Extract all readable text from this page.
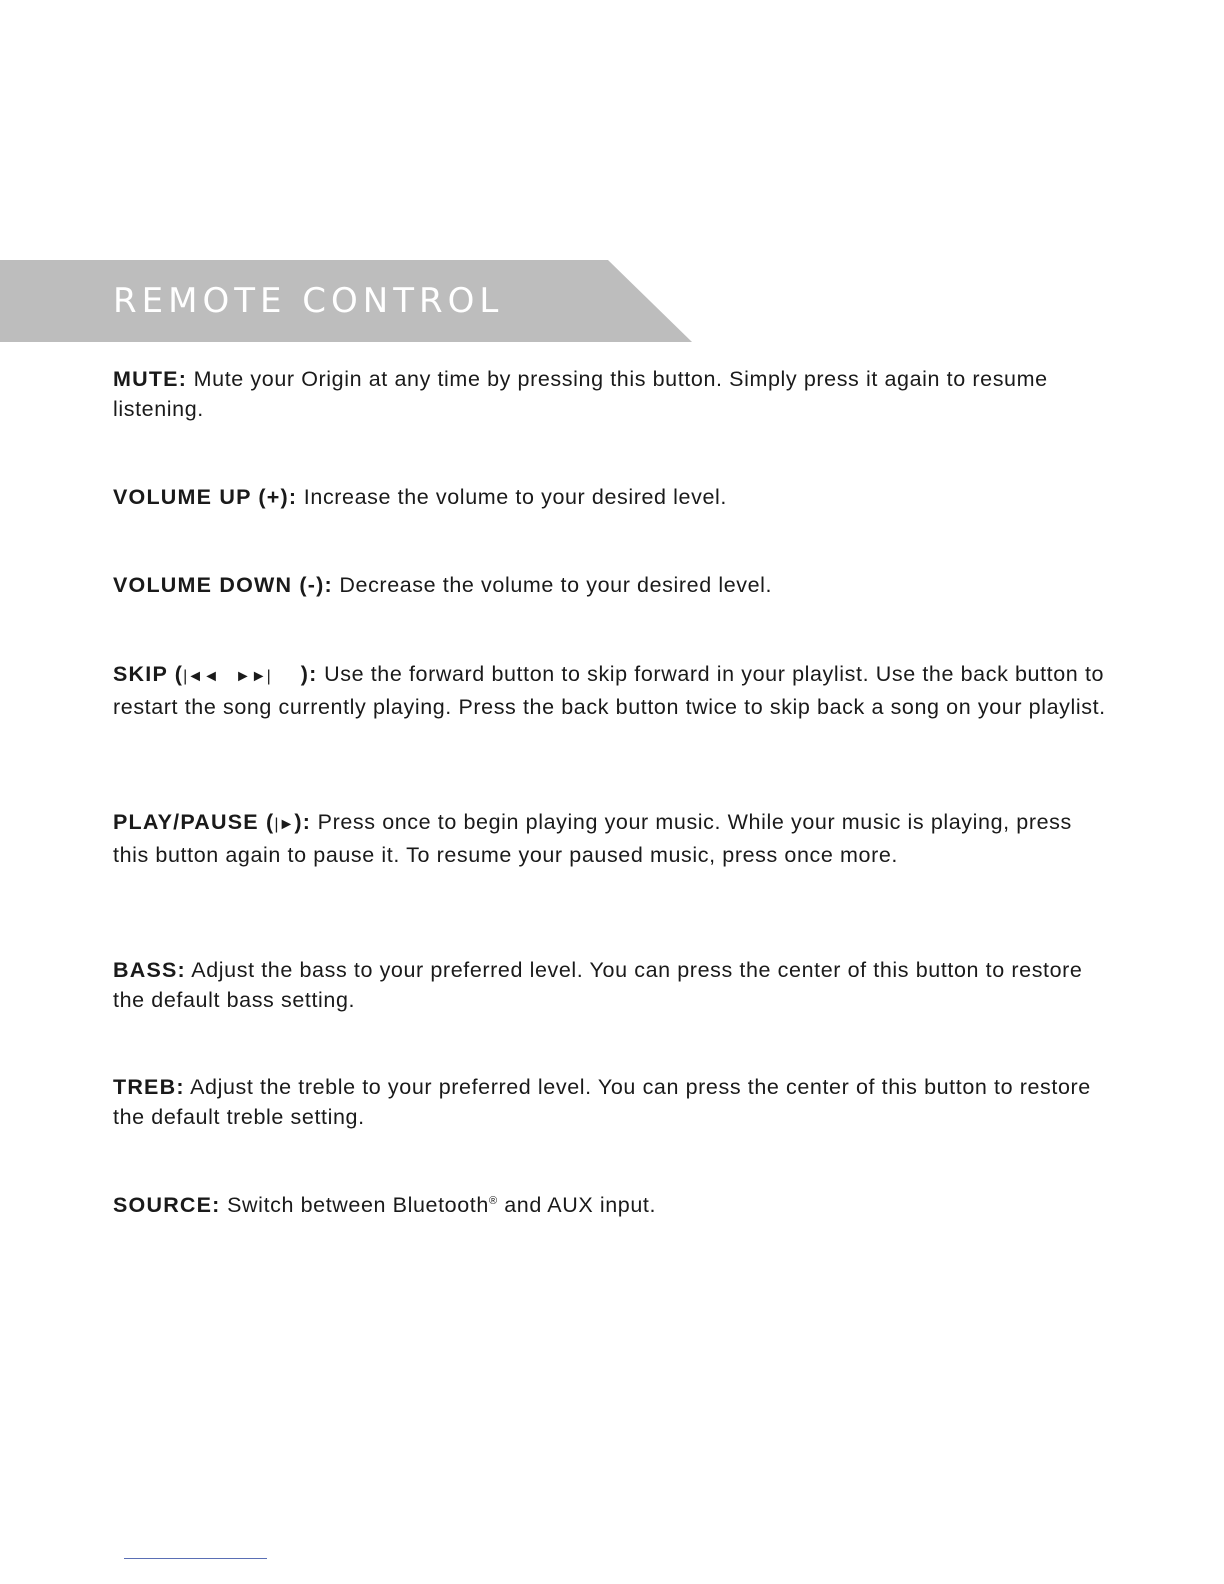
REMOTE CONTROL

MUTE: Mute your Origin at any time by pressing this button. Simply press it again to resume listening.

VOLUME UP (+): Increase the volume to your desired level.

VOLUME DOWN (-): Decrease the volume to your desired level.

SKIP (|◄◄ ►►| ): Use the forward button to skip forward in your playlist. Use the back button to restart the song currently playing. Press the back button twice to skip back a song on your playlist.

PLAY/PAUSE (|►): Press once to begin playing your music. While your music is playing, press this button again to pause it. To resume your paused music, press once more.

BASS: Adjust the bass to your preferred level. You can press the center of this button to restore the default bass setting.

TREB: Adjust the treble to your preferred level. You can press the center of this button to restore the default treble setting.

SOURCE: Switch between Bluetooth® and AUX input.
